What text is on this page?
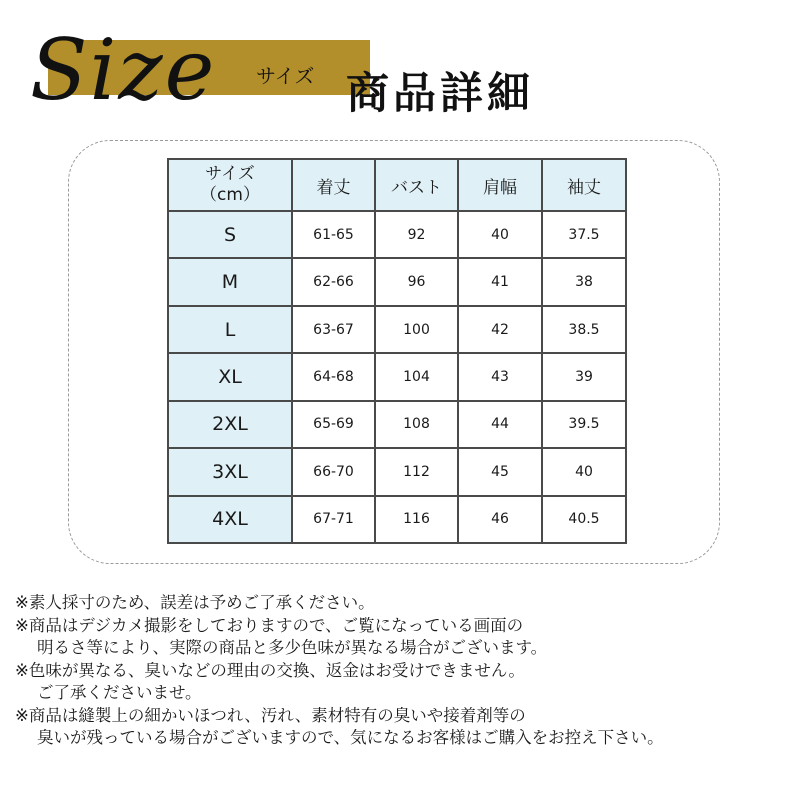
Size サイズ 商品詳細
サイズ
（cm）	着丈	バスト	肩幅	袖丈
S	61-65	92	40	37.5
M	62-66	96	41	38
L	63-67	100	42	38.5
XL	64-68	104	43	39
2XL	65-69	108	44	39.5
3XL	66-70	112	45	40
4XL	67-71	116	46	40.5
※素人採寸のため、誤差は予めご了承ください。
※商品はデジカメ撮影をしておりますので、ご覧になっている画面の
明るさ等により、実際の商品と多少色味が異なる場合がございます。
※色味が異なる、臭いなどの理由の交換、返金はお受けできません。
ご了承くださいませ。
※商品は縫製上の細かいほつれ、汚れ、素材特有の臭いや接着剤等の
臭いが残っている場合がございますので、気になるお客様はご購入をお控え下さい。
